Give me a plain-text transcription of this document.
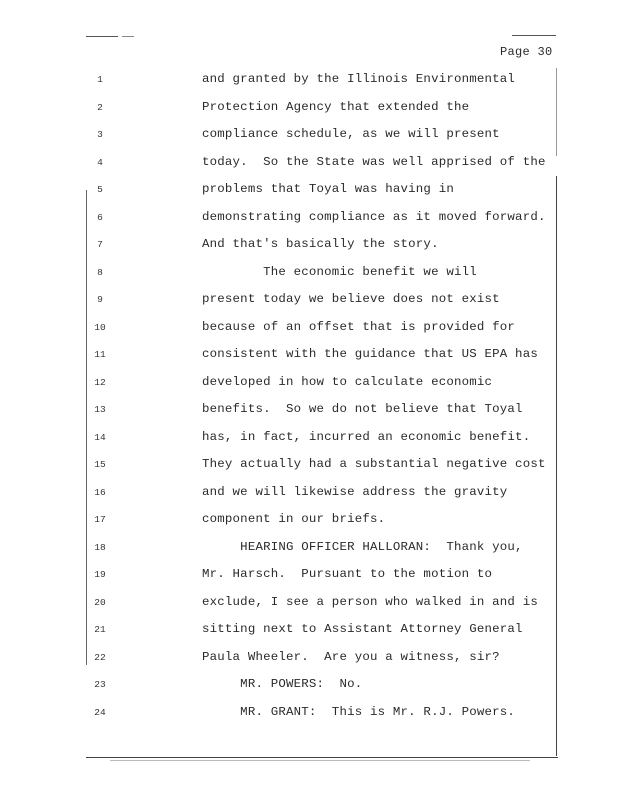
Page 30
1	and granted by the Illinois Environmental
2	Protection Agency that extended the
3	compliance schedule, as we will present
4	today.  So the State was well apprised of the
5	problems that Toyal was having in
6	demonstrating compliance as it moved forward.
7	And that's basically the story.
8	The economic benefit we will
9	present today we believe does not exist
10	because of an offset that is provided for
11	consistent with the guidance that US EPA has
12	developed in how to calculate economic
13	benefits.  So we do not believe that Toyal
14	has, in fact, incurred an economic benefit.
15	They actually had a substantial negative cost
16	and we will likewise address the gravity
17	component in our briefs.
18	HEARING OFFICER HALLORAN:  Thank you,
19	Mr. Harsch.  Pursuant to the motion to
20	exclude, I see a person who walked in and is
21	sitting next to Assistant Attorney General
22	Paula Wheeler.  Are you a witness, sir?
23	MR. POWERS:  No.
24	MR. GRANT:  This is Mr. R.J. Powers.
